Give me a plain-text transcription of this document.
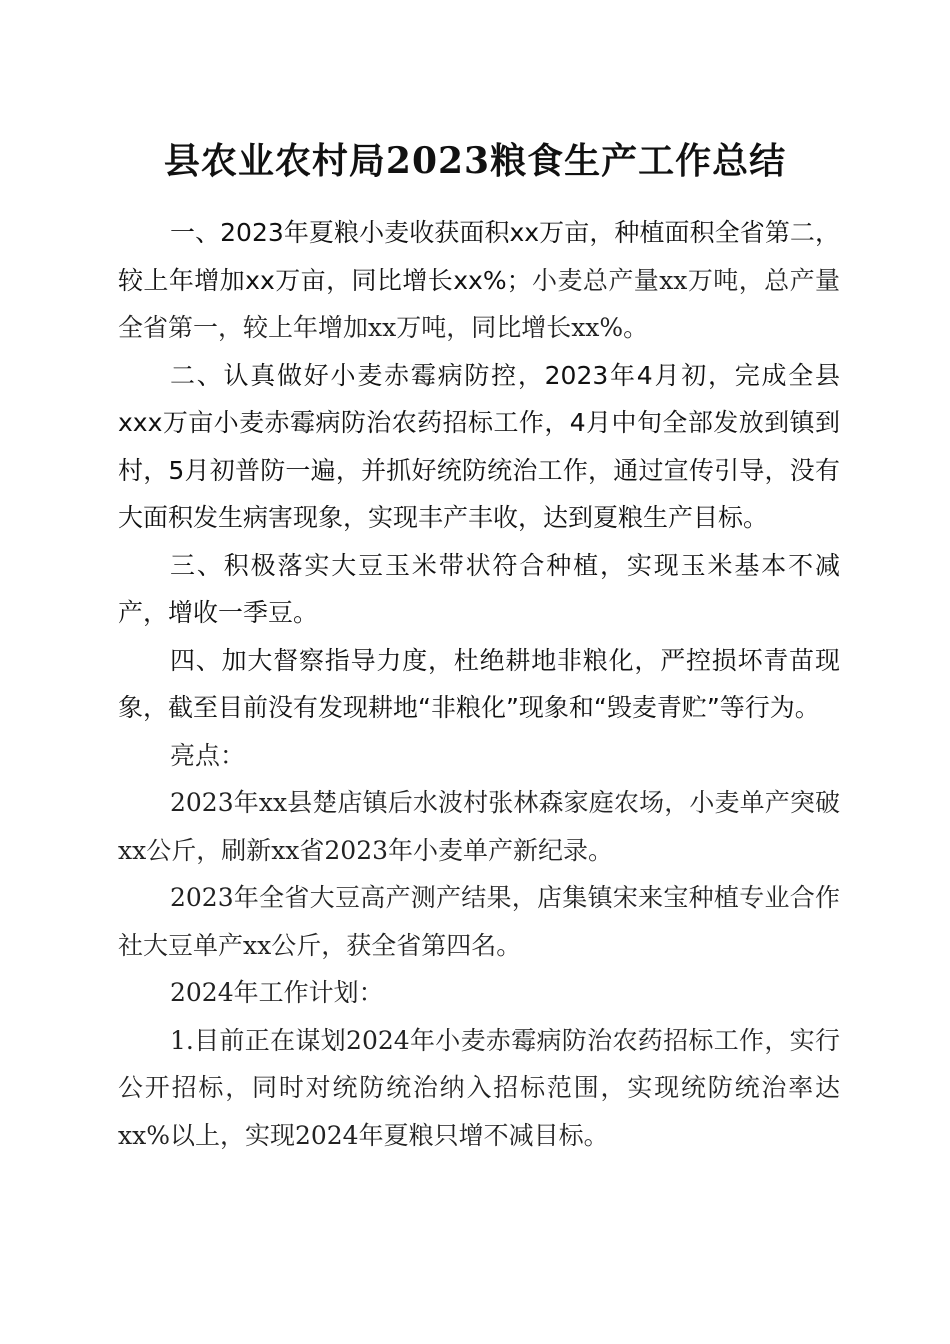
县农业农村局2023粮食生产工作总结

一、2023年夏粮小麦收获面积xx万亩，种植面积全省第二，较上年增加xx万亩，同比增长xx%；小麦总产量xx万吨，总产量全省第一，较上年增加xx万吨，同比增长xx%。

二、认真做好小麦赤霉病防控，2023年4月初，完成全县xxx万亩小麦赤霉病防治农药招标工作，4月中旬全部发放到镇到村，5月初普防一遍，并抓好统防统治工作，通过宣传引导，没有大面积发生病害现象，实现丰产丰收，达到夏粮生产目标。

三、积极落实大豆玉米带状符合种植，实现玉米基本不减产，增收一季豆。

四、加大督察指导力度，杜绝耕地非粮化，严控损坏青苗现象，截至目前没有发现耕地“非粮化”现象和“毁麦青贮”等行为。

亮点：

2023年xx县楚店镇后水波村张林森家庭农场，小麦单产突破xx公斤，刷新xx省2023年小麦单产新纪录。

2023年全省大豆高产测产结果，店集镇宋来宝种植专业合作社大豆单产xx公斤，获全省第四名。

2024年工作计划：

1.目前正在谋划2024年小麦赤霉病防治农药招标工作，实行公开招标，同时对统防统治纳入招标范围，实现统防统治率达xx%以上，实现2024年夏粮只增不减目标。
